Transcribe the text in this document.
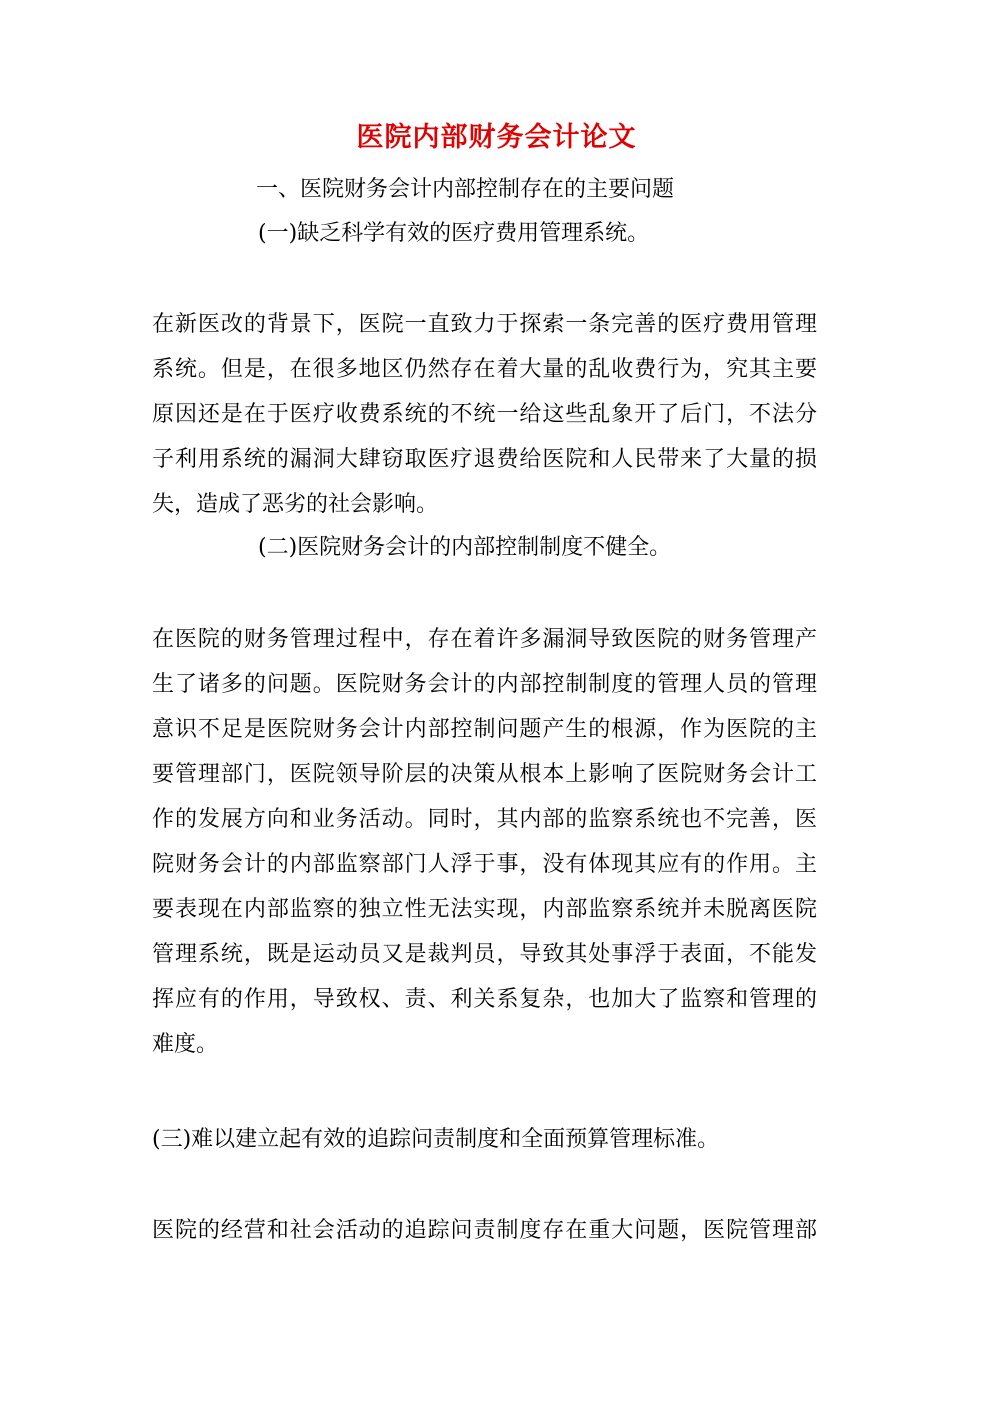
医院内部财务会计论文
一、医院财务会计内部控制存在的主要问题
(一)缺乏科学有效的医疗费用管理系统。
在新医改的背景下，医院一直致力于探索一条完善的医疗费用管理
系统。但是，在很多地区仍然存在着大量的乱收费行为，究其主要
原因还是在于医疗收费系统的不统一给这些乱象开了后门，不法分
子利用系统的漏洞大肆窃取医疗退费给医院和人民带来了大量的损
失，造成了恶劣的社会影响。
(二)医院财务会计的内部控制制度不健全。
在医院的财务管理过程中，存在着许多漏洞导致医院的财务管理产
生了诸多的问题。医院财务会计的内部控制制度的管理人员的管理
意识不足是医院财务会计内部控制问题产生的根源，作为医院的主
要管理部门，医院领导阶层的决策从根本上影响了医院财务会计工
作的发展方向和业务活动。同时，其内部的监察系统也不完善，医
院财务会计的内部监察部门人浮于事，没有体现其应有的作用。主
要表现在内部监察的独立性无法实现，内部监察系统并未脱离医院
管理系统，既是运动员又是裁判员，导致其处事浮于表面，不能发
挥应有的作用，导致权、责、利关系复杂，也加大了监察和管理的
难度。
(三)难以建立起有效的追踪问责制度和全面预算管理标准。
医院的经营和社会活动的追踪问责制度存在重大问题，医院管理部
